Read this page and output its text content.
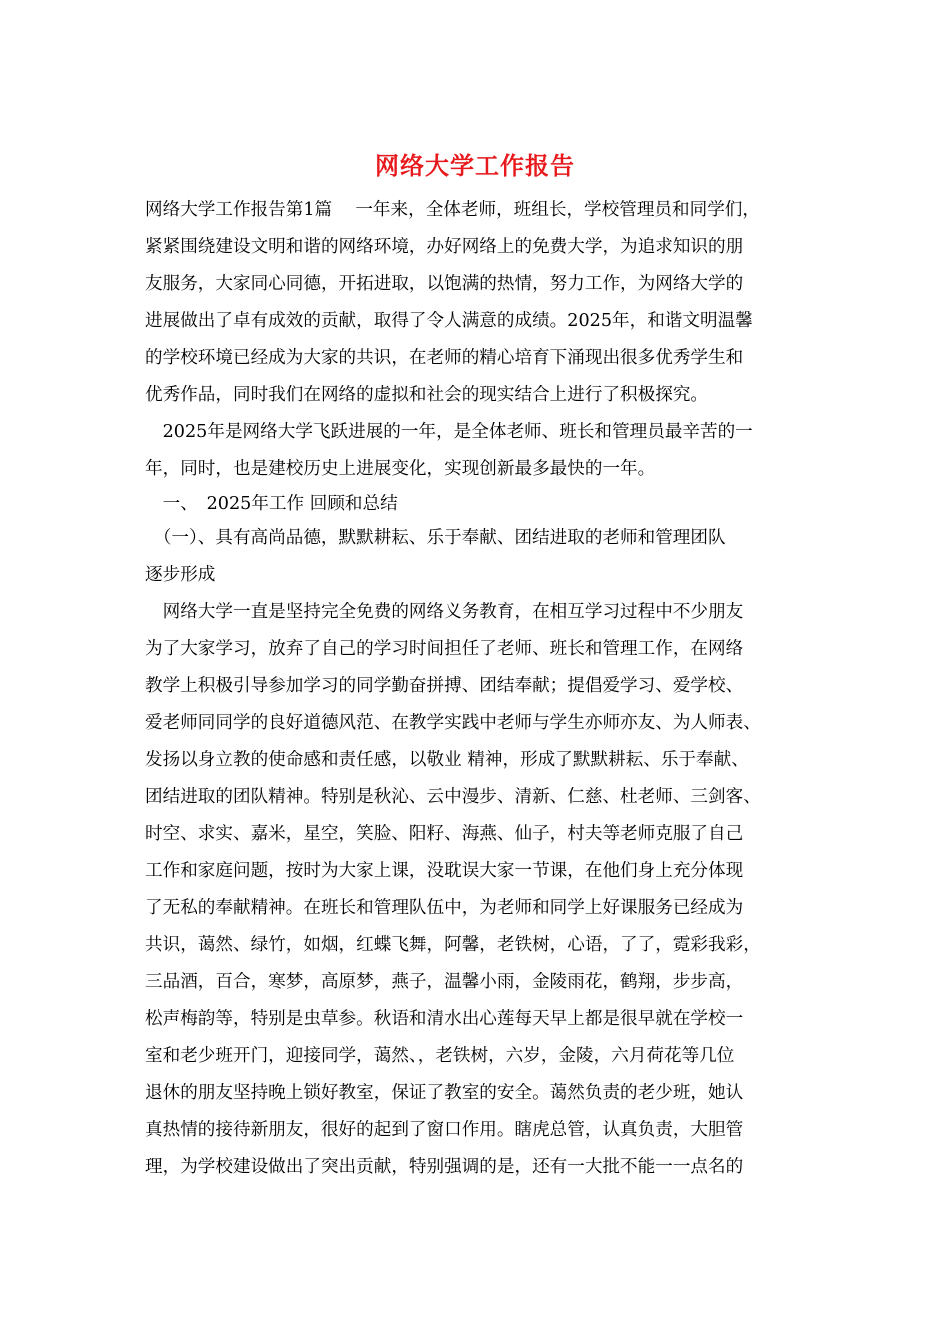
网络大学工作报告
网络大学工作报告第1篇　 一年来，全体老师，班组长，学校管理员和同学们，
紧紧围绕建设文明和谐的网络环境，办好网络上的免费大学，为追求知识的朋
友服务，大家同心同德，开拓进取，以饱满的热情，努力工作，为网络大学的
进展做出了卓有成效的贡献，取得了令人满意的成绩。2025年，和谐文明温馨
的学校环境已经成为大家的共识，在老师的精心培育下涌现出很多优秀学生和
优秀作品，同时我们在网络的虚拟和社会的现实结合上进行了积极探究。
　2025年是网络大学飞跃进展的一年，是全体老师、班长和管理员最辛苦的一
年，同时，也是建校历史上进展变化，实现创新最多最快的一年。
　一、　2025年工作 回顾和总结
　（一）、具有高尚品德，默默耕耘、乐于奉献、团结进取的老师和管理团队
逐步形成
　网络大学一直是坚持完全免费的网络义务教育，在相互学习过程中不少朋友
为了大家学习，放弃了自己的学习时间担任了老师、班长和管理工作，在网络
教学上积极引导参加学习的同学勤奋拼搏、团结奉献；提倡爱学习、爱学校、
爱老师同同学的良好道德风范、在教学实践中老师与学生亦师亦友、为人师表、
发扬以身立教的使命感和责任感，以敬业 精神，形成了默默耕耘、乐于奉献、
团结进取的团队精神。特别是秋沁、云中漫步、清新、仁慈、杜老师、三剑客、
时空、求实、嘉米，星空，笑脸、阳籽、海燕、仙子，村夫等老师克服了自己
工作和家庭问题，按时为大家上课，没耽误大家一节课，在他们身上充分体现
了无私的奉献精神。在班长和管理队伍中，为老师和同学上好课服务已经成为
共识，蔼然、绿竹，如烟，红蝶飞舞，阿馨，老铁树，心语，了了，霓彩我彩，
三品酒，百合，寒梦，高原梦，燕子，温馨小雨，金陵雨花，鹤翔，步步高，
松声梅韵等，特别是虫草参。秋语和清水出心莲每天早上都是很早就在学校一
室和老少班开门，迎接同学，蔼然、，老铁树，六岁，金陵，六月荷花等几位
退休的朋友坚持晚上锁好教室，保证了教室的安全。蔼然负责的老少班，她认
真热情的接待新朋友，很好的起到了窗口作用。瞎虎总管，认真负责，大胆管
理，为学校建设做出了突出贡献，特别强调的是，还有一大批不能一一点名的
